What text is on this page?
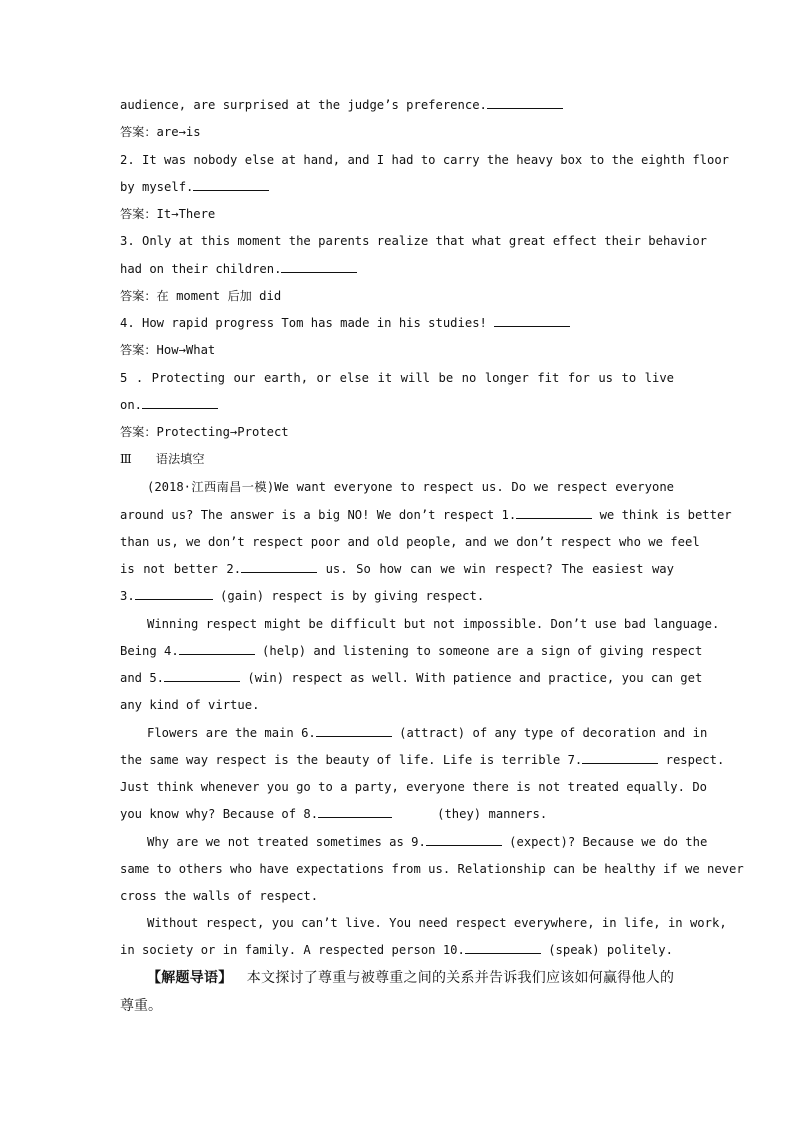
audience, are surprised at the judge’s preference.
答案：are→is
2. It was nobody else at hand, and I had to carry the heavy box to the eighth floor
by myself.
答案：It→There
3. Only at this moment the parents realize that what great effect their behavior
had on their children.
答案：在 moment 后加 did
4. How rapid progress Tom has made in his studies!
答案：How→What
5 . Protecting our earth, or else it will be no longer fit for us to live
on.
答案：Protecting→Protect
Ⅲ 语法填空
(2018·江西南昌一模)We want everyone to respect us. Do we respect everyone
around us? The answer is a big NO! We don’t respect 1.	we think is better
than us, we don’t respect poor and old people, and we don’t respect who we feel
is not better 2.	us. So how can we win respect? The easiest way
3.	(gain) respect is by giving respect.
Winning respect might be difficult but not impossible. Don’t use bad language.
Being 4.	(help) and listening to someone are a sign of giving respect
and 5.	(win) respect as well. With patience and practice, you can get
any kind of virtue.
Flowers are the main 6.	(attract) of any type of decoration and in
the same way respect is the beauty of life. Life is terrible 7.	respect.
Just think whenever you go to a party, everyone there is not treated equally. Do
you know why? Because of 8.	(they) manners.
Why are we not treated sometimes as 9.	(expect)? Because we do the
same to others who have expectations from us. Relationship can be healthy if we never
cross the walls of respect.
Without respect, you can’t live. You need respect everywhere, in life, in work,
in society or in family. A respected person 10.	(speak) politely.
【解题导语】 本文探讨了尊重与被尊重之间的关系并告诉我们应该如何赢得他人的
尊重。
